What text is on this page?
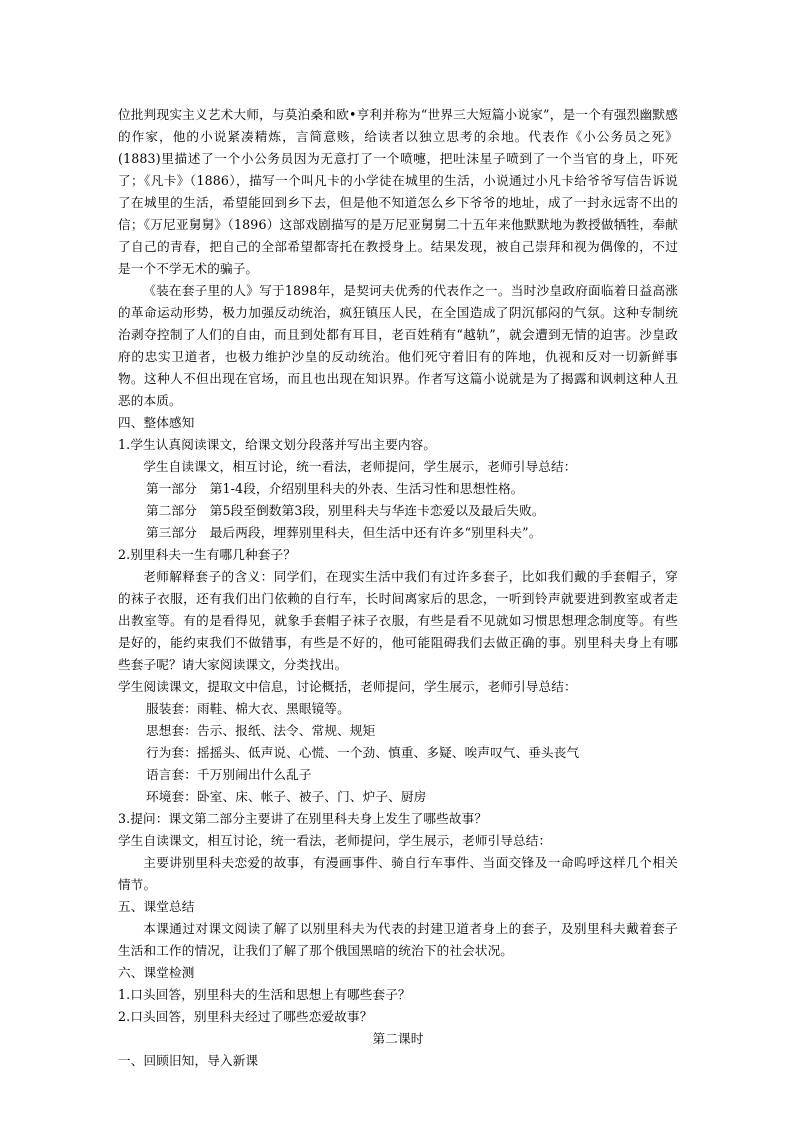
位批判现实主义艺术大师，与莫泊桑和欧•亨利并称为“世界三大短篇小说家”，是一个有强烈幽默感的作家，他的小说紧凑精炼，言简意赅，给读者以独立思考的余地。代表作《小公务员之死》(1883)里描述了一个小公务员因为无意打了一个喷嚏，把吐沫星子喷到了一个当官的身上，吓死了；《凡卡》（1886），描写一个叫凡卡的小学徒在城里的生活，小说通过小凡卡给爷爷写信告诉说了在城里的生活，希望能回到乡下去，但是他不知道怎么乡下爷爷的地址，成了一封永远寄不出的信；《万尼亚舅舅》（1896）这部戏剧描写的是万尼亚舅舅二十五年来他默默地为教授做牺牲，奉献了自己的青春，把自己的全部希望都寄托在教授身上。结果发现，被自己崇拜和视为偶像的，不过是一个不学无术的骗子。

《装在套子里的人》写于1898年，是契诃夫优秀的代表作之一。当时沙皇政府面临着日益高涨的革命运动形势，极力加强反动统治，疯狂镇压人民，在全国造成了阴沉郁闷的气氛。这种专制统治剥夺控制了人们的自由，而且到处都有耳目，老百姓稍有“越轨”，就会遭到无情的迫害。沙皇政府的忠实卫道者，也极力维护沙皇的反动统治。他们死守着旧有的阵地，仇视和反对一切新鲜事物。这种人不但出现在官场，而且也出现在知识界。作者写这篇小说就是为了揭露和讽刺这种人丑恶的本质。

四、整体感知

1.学生认真阅读课文，给课文划分段落并写出主要内容。

学生自读课文，相互讨论，统一看法，老师提问，学生展示，老师引导总结：

第一部分　第1-4段，介绍别里科夫的外表、生活习性和思想性格。

第二部分　第5段至倒数第3段，别里科夫与华连卡恋爱以及最后失败。

第三部分　最后两段，埋葬别里科夫，但生活中还有许多“别里科夫”。

2.别里科夫一生有哪几种套子？

老师解释套子的含义：同学们，在现实生活中我们有过许多套子，比如我们戴的手套帽子，穿的袜子衣服，还有我们出门依赖的自行车，长时间离家后的思念，一听到铃声就要进到教室或者走出教室等。有的是看得见，就象手套帽子袜子衣服，有些是看不见就如习惯思想理念制度等。有些是好的，能约束我们不做错事，有些是不好的，他可能阻碍我们去做正确的事。别里科夫身上有哪些套子呢？请大家阅读课文，分类找出。

学生阅读课文，提取文中信息，讨论概括，老师提问，学生展示，老师引导总结：

服装套：雨鞋、棉大衣、黑眼镜等。

思想套：告示、报纸、法令、常规、规矩

行为套：摇摇头、低声说、心慌、一个劲、慎重、多疑、唉声叹气、垂头丧气

语言套：千万别闹出什么乱子

环境套：卧室、床、帐子、被子、门、炉子、厨房

3.提问：课文第二部分主要讲了在别里科夫身上发生了哪些故事？

学生自读课文，相互讨论，统一看法，老师提问，学生展示，老师引导总结：

主要讲别里科夫恋爱的故事，有漫画事件、骑自行车事件、当面交锋及一命呜呼这样几个相关情节。

五、课堂总结

本课通过对课文阅读了解了以别里科夫为代表的封建卫道者身上的套子，及别里科夫戴着套子生活和工作的情况，让我们了解了那个俄国黑暗的统治下的社会状况。

六、课堂检测

1.口头回答，别里科夫的生活和思想上有哪些套子？

2.口头回答，别里科夫经过了哪些恋爱故事？

第二课时

一、回顾旧知，导入新课
